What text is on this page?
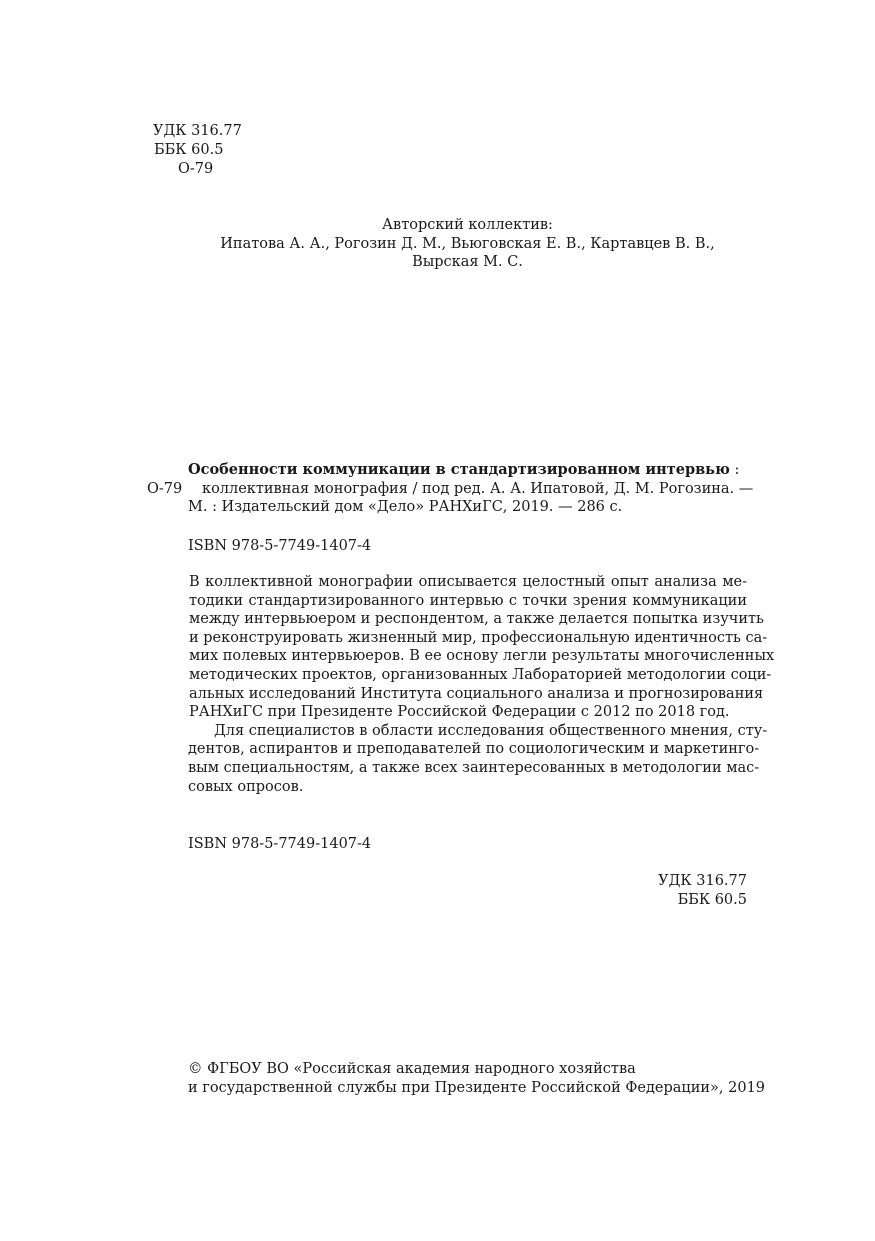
УДК 316.77
ББК 60.5
О-79
Авторский коллектив:
Ипатова А. А., Рогозин Д. М., Вьюговская Е. В., Картавцев В. В.,
Вырская М. С.
О-79
Особенности коммуникации в стандартизированном интервью :
коллективная монография / под ред. А. А. Ипатовой, Д. М. Рогозина. —
М. : Издательский дом «Дело» РАНХиГС, 2019. — 286 с.
ISBN 978-5-7749-1407-4
В коллективной монографии описывается целостный опыт анализа ме-
тодики стандартизированного интервью с точки зрения коммуникации
между интервьюером и респондентом, а также делается попытка изучить
и реконструировать жизненный мир, профессиональную идентичность са-
мих полевых интервьюеров. В ее основу легли результаты многочисленных
методических проектов, организованных Лабораторией методологии соци-
альных исследований Института социального анализа и прогнозирования
РАНХиГС при Президенте Российской Федерации с 2012 по 2018 год.
Для специалистов в области исследования общественного мнения, сту-
дентов, аспирантов и преподавателей по социологическим и маркетинго-
вым специальностям, а также всех заинтересованных в методологии мас-
совых опросов.
ISBN 978-5-7749-1407-4
УДК 316.77
ББК 60.5
© ФГБОУ ВО «Российская академия народного хозяйства
и государственной службы при Президенте Российской Федерации», 2019
